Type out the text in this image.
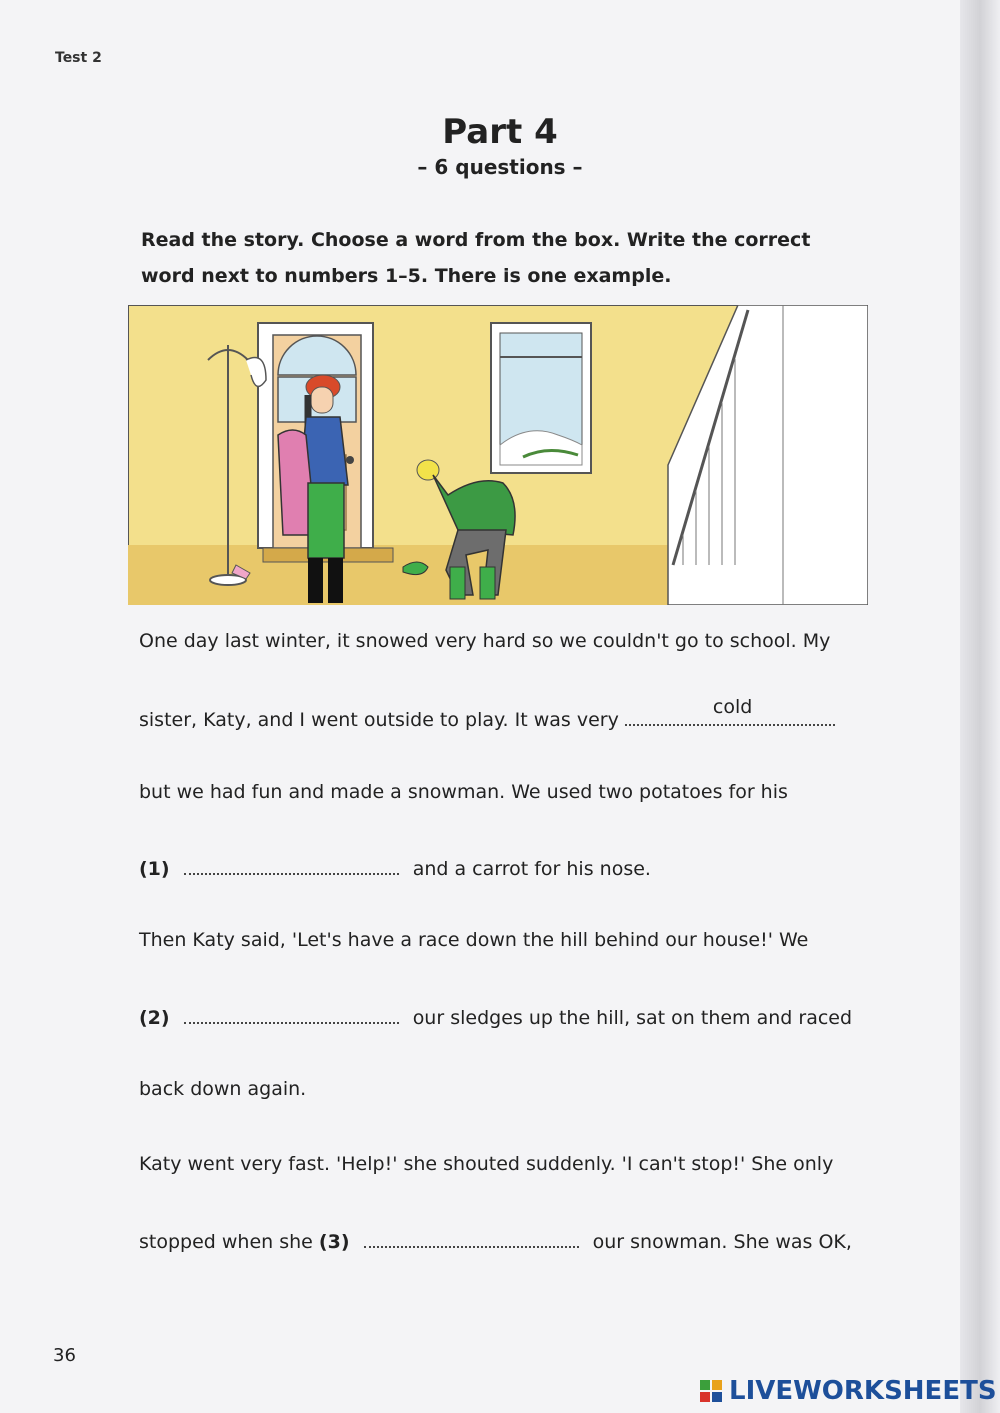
Test 2
Part 4
– 6 questions –
Read the story. Choose a word from the box. Write the correct word next to numbers 1–5. There is one example.
One day last winter, it snowed very hard so we couldn't go to school. My
sister, Katy, and I went outside to play. It was very
cold
but we had fun and made a snowman. We used two potatoes for his
(1)	and a carrot for his nose.
Then Katy said, 'Let's have a race down the hill behind our house!' We
(2)	our sledges up the hill, sat on them and raced
back down again.
Katy went very fast. 'Help!' she shouted suddenly. 'I can't stop!' She only
stopped when she (3)	our snowman. She was OK,
36
LIVEWORKSHEETS
